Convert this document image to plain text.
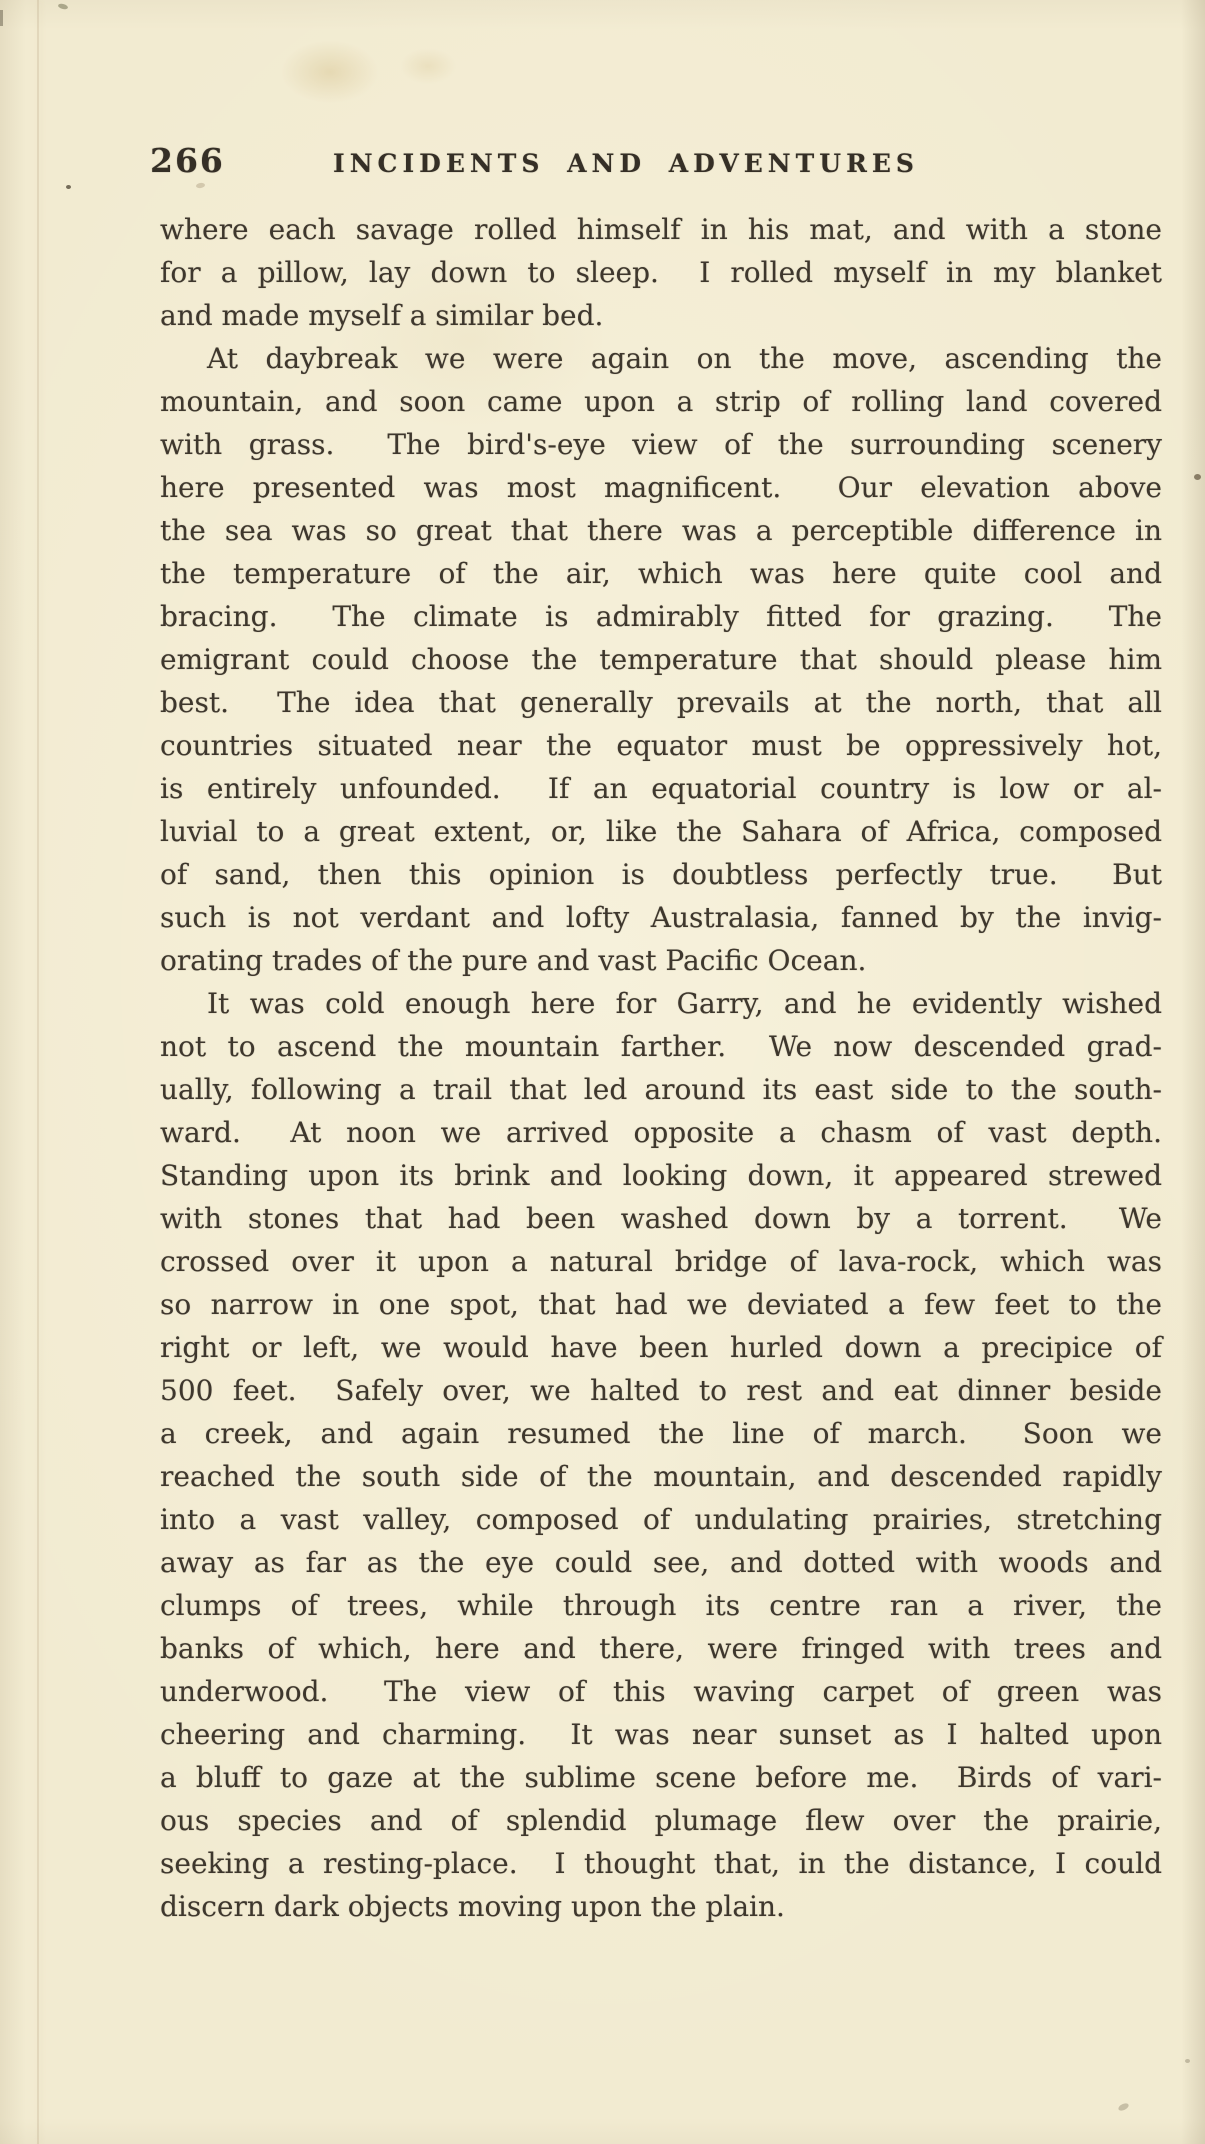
266	INCIDENTS AND ADVENTURES
where each savage rolled himself in his mat, and with a stone
for a pillow, lay down to sleep.  I rolled myself in my blanket
and made myself a similar bed.
At daybreak we were again on the move, ascending the
mountain, and soon came upon a strip of rolling land covered
with grass.  The bird's-eye view of the surrounding scenery
here presented was most magnificent.  Our elevation above
the sea was so great that there was a perceptible difference in
the temperature of the air, which was here quite cool and
bracing.  The climate is admirably fitted for grazing.  The
emigrant could choose the temperature that should please him
best.  The idea that generally prevails at the north, that all
countries situated near the equator must be oppressively hot,
is entirely unfounded.  If an equatorial country is low or al-
luvial to a great extent, or, like the Sahara of Africa, composed
of sand, then this opinion is doubtless perfectly true.  But
such is not verdant and lofty Australasia, fanned by the invig-
orating trades of the pure and vast Pacific Ocean.
It was cold enough here for Garry, and he evidently wished
not to ascend the mountain farther.  We now descended grad-
ually, following a trail that led around its east side to the south-
ward.  At noon we arrived opposite a chasm of vast depth.
Standing upon its brink and looking down, it appeared strewed
with stones that had been washed down by a torrent.  We
crossed over it upon a natural bridge of lava-rock, which was
so narrow in one spot, that had we deviated a few feet to the
right or left, we would have been hurled down a precipice of
500 feet.  Safely over, we halted to rest and eat dinner beside
a creek, and again resumed the line of march.  Soon we
reached the south side of the mountain, and descended rapidly
into a vast valley, composed of undulating prairies, stretching
away as far as the eye could see, and dotted with woods and
clumps of trees, while through its centre ran a river, the
banks of which, here and there, were fringed with trees and
underwood.  The view of this waving carpet of green was
cheering and charming.  It was near sunset as I halted upon
a bluff to gaze at the sublime scene before me.  Birds of vari-
ous species and of splendid plumage flew over the prairie,
seeking a resting-place.  I thought that, in the distance, I could
discern dark objects moving upon the plain.
